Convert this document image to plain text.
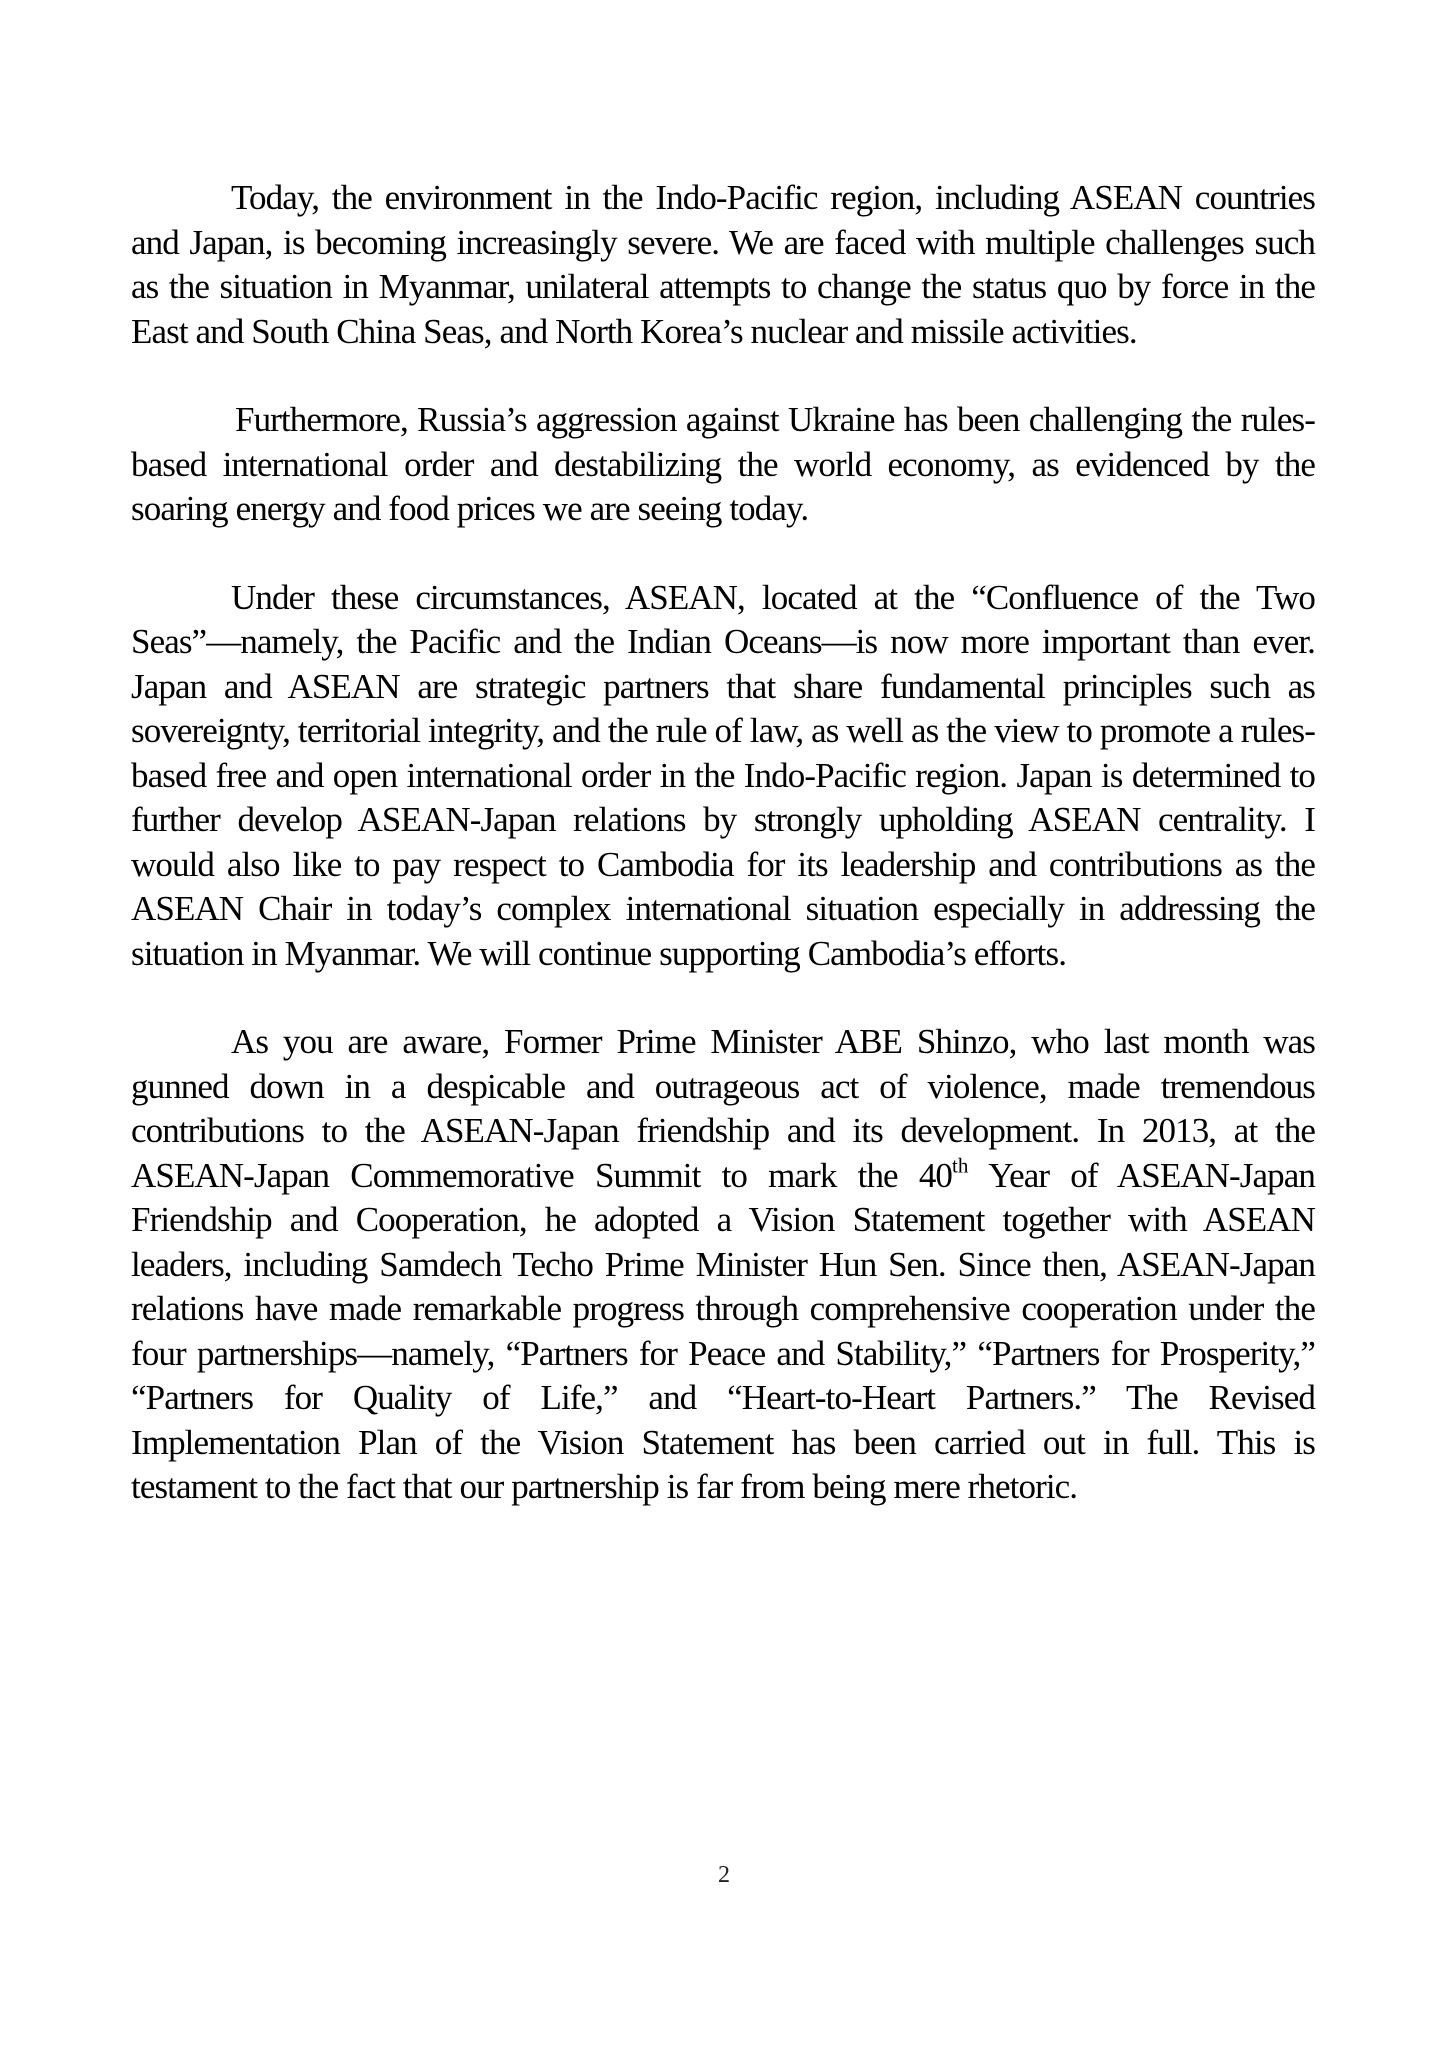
Today, the environment in the Indo-Pacific region, including ASEAN countries and Japan, is becoming increasingly severe. We are faced with multiple challenges such as the situation in Myanmar, unilateral attempts to change the status quo by force in the East and South China Seas, and North Korea’s nuclear and missile activities.

Furthermore, Russia’s aggression against Ukraine has been challenging the rules-based international order and destabilizing the world economy, as evidenced by the soaring energy and food prices we are seeing today.

Under these circumstances, ASEAN, located at the “Confluence of the Two Seas”—namely, the Pacific and the Indian Oceans—is now more important than ever. Japan and ASEAN are strategic partners that share fundamental principles such as sovereignty, territorial integrity, and the rule of law, as well as the view to promote a rules-based free and open international order in the Indo-Pacific region. Japan is determined to further develop ASEAN-Japan relations by strongly upholding ASEAN centrality. I would also like to pay respect to Cambodia for its leadership and contributions as the ASEAN Chair in today’s complex international situation especially in addressing the situation in Myanmar. We will continue supporting Cambodia’s efforts.

As you are aware, Former Prime Minister ABE Shinzo, who last month was gunned down in a despicable and outrageous act of violence, made tremendous contributions to the ASEAN-Japan friendship and its development. In 2013, at the ASEAN-Japan Commemorative Summit to mark the 40th Year of ASEAN-Japan Friendship and Cooperation, he adopted a Vision Statement together with ASEAN leaders, including Samdech Techo Prime Minister Hun Sen. Since then, ASEAN-Japan relations have made remarkable progress through comprehensive cooperation under the four partnerships—namely, “Partners for Peace and Stability,” “Partners for Prosperity,” “Partners for Quality of Life,” and “Heart-to-Heart Partners.” The Revised Implementation Plan of the Vision Statement has been carried out in full. This is testament to the fact that our partnership is far from being mere rhetoric.

2
